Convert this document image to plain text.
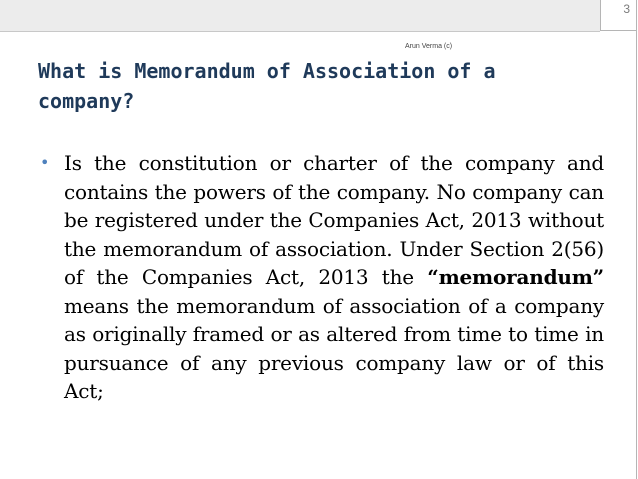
3
Arun Verma (c)
What is Memorandum of Association of a company?
• Is the constitution or charter of the company and contains the powers of the company. No company can be registered under the Companies Act, 2013 without the memorandum of association. Under Section 2(56) of the Companies Act, 2013 the “memorandum” means the memorandum of association of a company as originally framed or as altered from time to time in pursuance of any previous company law or of this Act;
